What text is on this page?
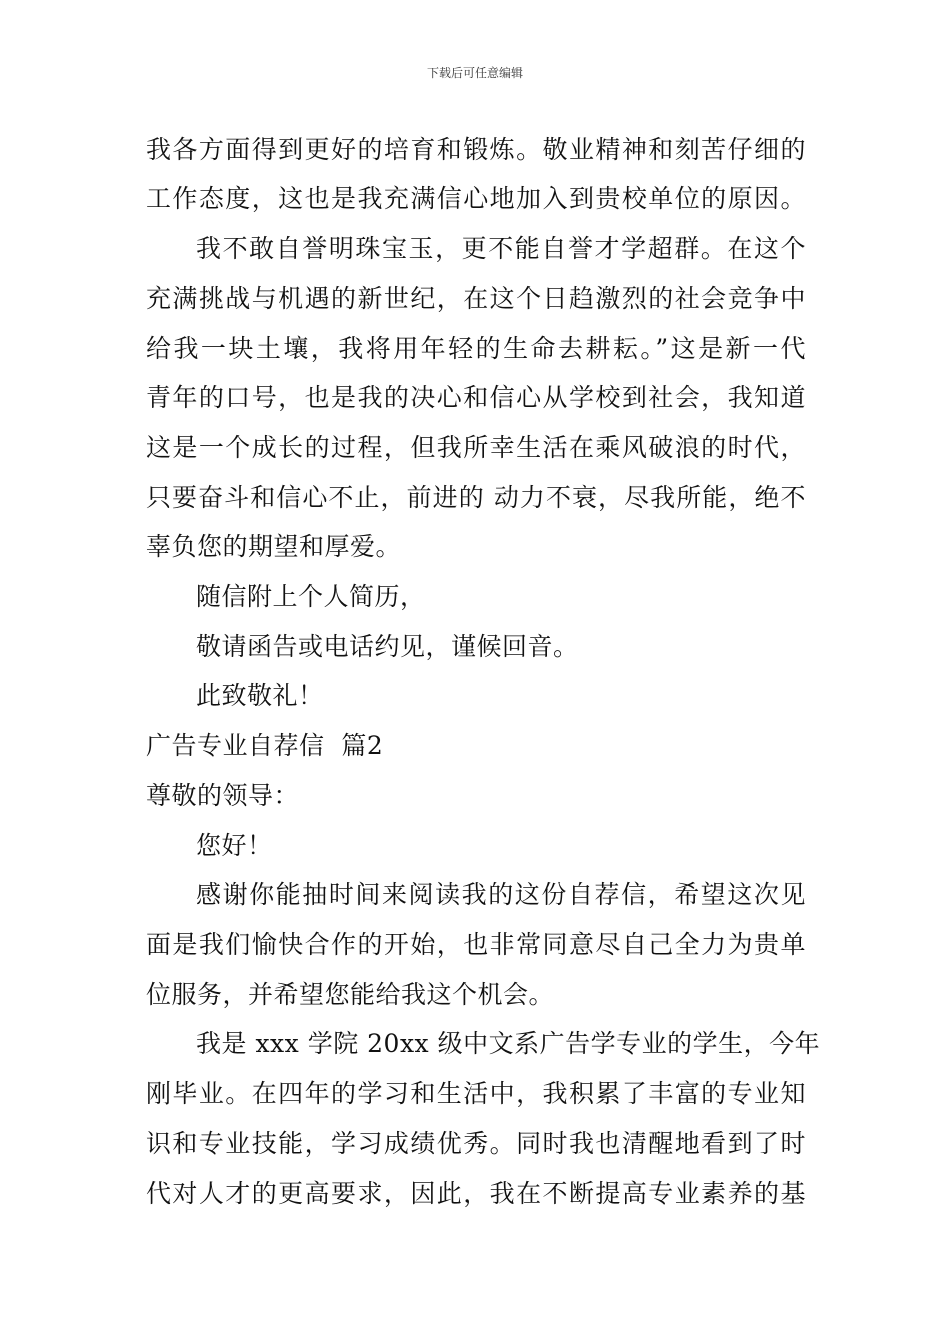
下载后可任意编辑
我各方面得到更好的培育和锻炼。敬业精神和刻苦仔细的
工作态度，这也是我充满信心地加入到贵校单位的原因。
我不敢自誉明珠宝玉，更不能自誉才学超群。在这个
充满挑战与机遇的新世纪，在这个日趋激烈的社会竞争中
给我一块土壤，我将用年轻的生命去耕耘。”这是新一代
青年的口号，也是我的决心和信心从学校到社会，我知道
这是一个成长的过程，但我所幸生活在乘风破浪的时代，
只要奋斗和信心不止，前进的 动力不衰，尽我所能，绝不
辜负您的期望和厚爱。
随信附上个人简历，
敬请函告或电话约见，谨候回音。
此致敬礼！
广告专业自荐信  篇2
尊敬的领导：
您好！
感谢你能抽时间来阅读我的这份自荐信，希望这次见
面是我们愉快合作的开始，也非常同意尽自己全力为贵单
位服务，并希望您能给我这个机会。
我是 xxx 学院 20xx 级中文系广告学专业的学生，今年
刚毕业。在四年的学习和生活中，我积累了丰富的专业知
识和专业技能，学习成绩优秀。同时我也清醒地看到了时
代对人才的更高要求，因此，我在不断提高专业素养的基
